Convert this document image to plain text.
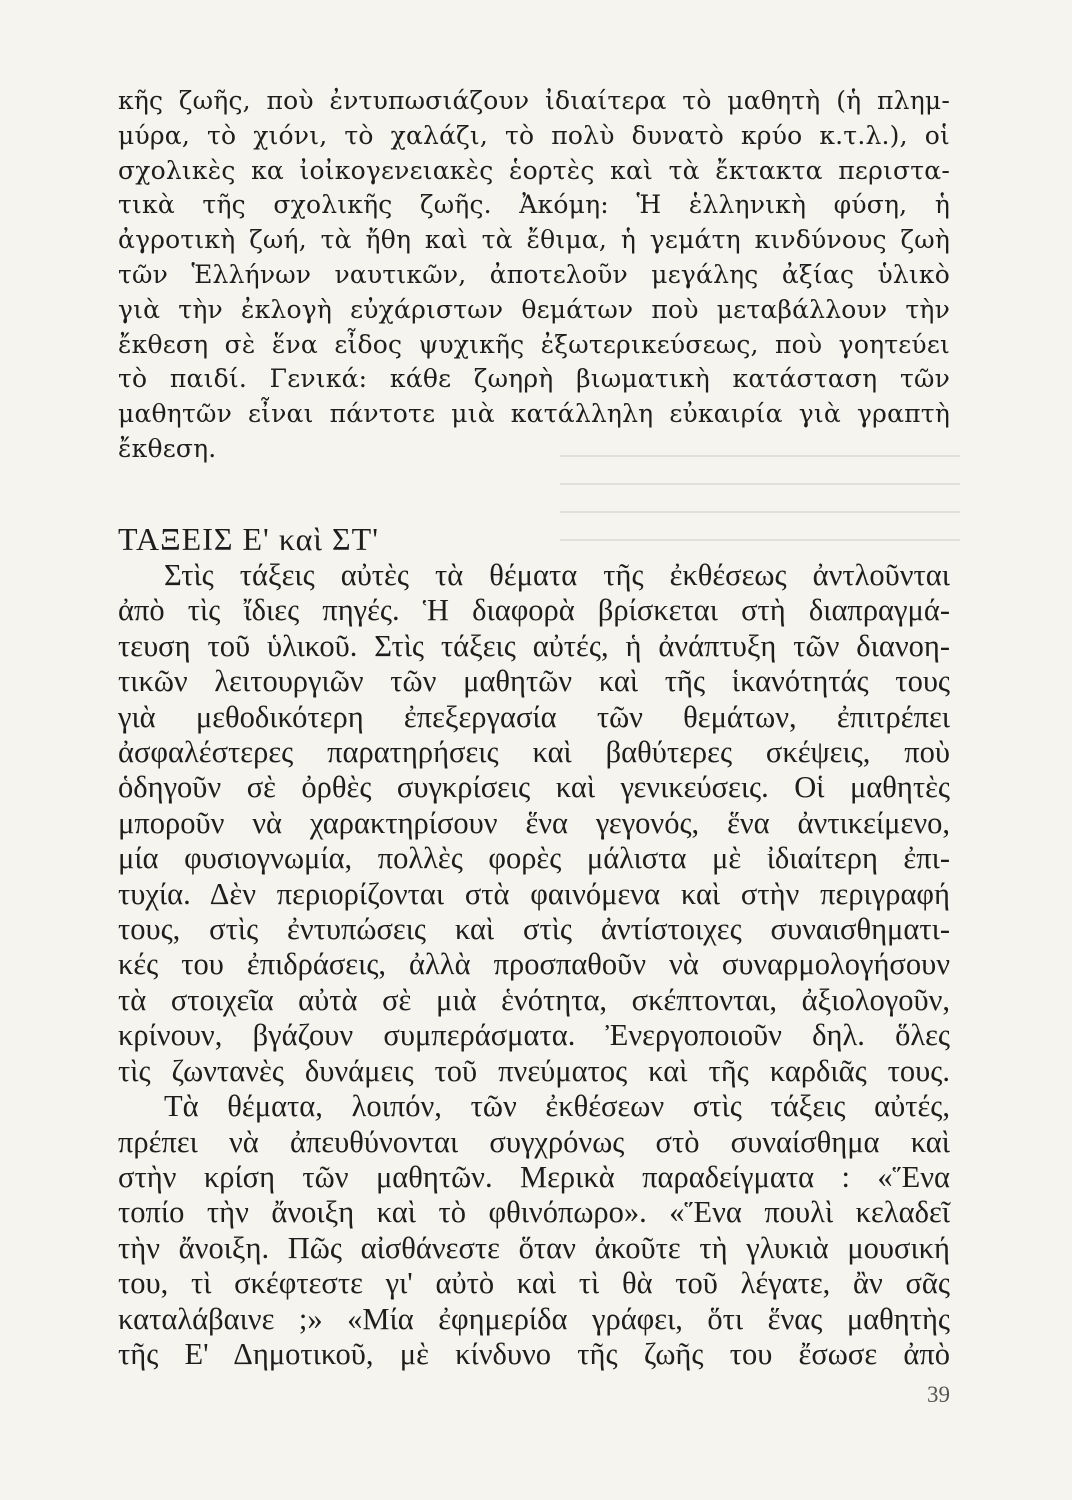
κῆς ζωῆς, ποὺ ἐντυπωσιάζουν ἰδιαίτερα τὸ μαθητὴ (ἡ πλημ-
μύρα, τὸ χιόνι, τὸ χαλάζι, τὸ πολὺ δυνατὸ κρύο κ.τ.λ.), οἱ
σχολικὲς κα ἰοἰκογενειακὲς ἑορτὲς καὶ τὰ ἔκτακτα περιστα-
τικὰ τῆς σχολικῆς ζωῆς. Ἀκόμη: Ἡ ἑλληνικὴ φύση, ἡ
ἀγροτικὴ ζωή, τὰ ἤθη καὶ τὰ ἔθιμα, ἡ γεμάτη κινδύνους ζωὴ
τῶν Ἑλλήνων ναυτικῶν, ἀποτελοῦν μεγάλης ἀξίας ὑλικὸ
γιὰ τὴν ἐκλογὴ εὐχάριστων θεμάτων ποὺ μεταβάλλουν τὴν
ἔκθεση σὲ ἕνα εἶδος ψυχικῆς ἐξωτερικεύσεως, ποὺ γοητεύει
τὸ παιδί. Γενικά: κάθε ζωηρὴ βιωματικὴ κατάσταση τῶν
μαθητῶν εἶναι πάντοτε μιὰ κατάλληλη εὐκαιρία γιὰ γραπτὴ
ἔκθεση.
ΤΑΞΕΙΣ Ε' καὶ ΣΤ'
Στὶς τάξεις αὐτὲς τὰ θέματα τῆς ἐκθέσεως ἀντλοῦνται
ἀπὸ τὶς ἴδιες πηγές. Ἡ διαφορὰ βρίσκεται στὴ διαπραγμά-
τευση τοῦ ὑλικοῦ. Στὶς τάξεις αὐτές, ἡ ἀνάπτυξη τῶν διανοη-
τικῶν λειτουργιῶν τῶν μαθητῶν καὶ τῆς ἱκανότητάς τους
γιὰ μεθοδικότερη ἐπεξεργασία τῶν θεμάτων, ἐπιτρέπει
ἀσφαλέστερες παρατηρήσεις καὶ βαθύτερες σκέψεις, ποὺ
ὁδηγοῦν σὲ ὀρθὲς συγκρίσεις καὶ γενικεύσεις. Οἱ μαθητὲς
μποροῦν νὰ χαρακτηρίσουν ἕνα γεγονός, ἕνα ἀντικείμενο,
μία φυσιογνωμία, πολλὲς φορὲς μάλιστα μὲ ἰδιαίτερη ἐπι-
τυχία. Δὲν περιορίζονται στὰ φαινόμενα καὶ στὴν περιγραφή
τους, στὶς ἐντυπώσεις καὶ στὶς ἀντίστοιχες συναισθηματι-
κές του ἐπιδράσεις, ἀλλὰ προσπαθοῦν νὰ συναρμολογήσουν
τὰ στοιχεῖα αὐτὰ σὲ μιὰ ἑνότητα, σκέπτονται, ἀξιολογοῦν,
κρίνουν, βγάζουν συμπεράσματα. Ἐνεργοποιοῦν δηλ. ὅλες
τὶς ζωντανὲς δυνάμεις τοῦ πνεύματος καὶ τῆς καρδιᾶς τους.
Τὰ θέματα, λοιπόν, τῶν ἐκθέσεων στὶς τάξεις αὐτές,
πρέπει νὰ ἀπευθύνονται συγχρόνως στὸ συναίσθημα καὶ
στὴν κρίση τῶν μαθητῶν. Μερικὰ παραδείγματα : «Ἕνα
τοπίο τὴν ἄνοιξη καὶ τὸ φθινόπωρο». «Ἕνα πουλὶ κελαδεῖ
τὴν ἄνοιξη. Πῶς αἰσθάνεστε ὅταν ἀκοῦτε τὴ γλυκιὰ μουσική
του, τὶ σκέφτεστε γι' αὐτὸ καὶ τὶ θὰ τοῦ λέγατε, ἂν σᾶς
καταλάβαινε ;» «Μία ἐφημερίδα γράφει, ὅτι ἕνας μαθητὴς
τῆς Ε' Δημοτικοῦ, μὲ κίνδυνο τῆς ζωῆς του ἔσωσε ἀπὸ
39
